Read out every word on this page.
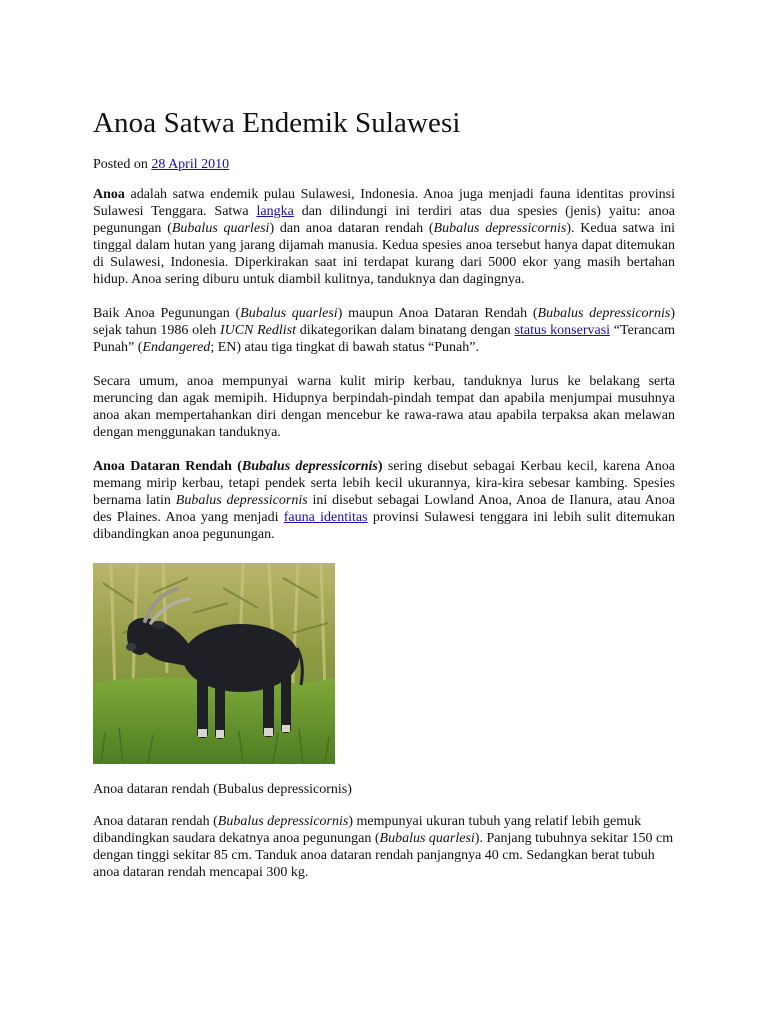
Anoa Satwa Endemik Sulawesi
Posted on 28 April 2010

Anoa adalah satwa endemik pulau Sulawesi, Indonesia. Anoa juga menjadi fauna identitas provinsi Sulawesi Tenggara. Satwa langka dan dilindungi ini terdiri atas dua spesies (jenis) yaitu: anoa pegunungan (Bubalus quarlesi) dan anoa dataran rendah (Bubalus depressicornis). Kedua satwa ini tinggal dalam hutan yang jarang dijamah manusia. Kedua spesies anoa tersebut hanya dapat ditemukan di Sulawesi, Indonesia. Diperkirakan saat ini terdapat kurang dari 5000 ekor yang masih bertahan hidup. Anoa sering diburu untuk diambil kulitnya, tanduknya dan dagingnya.

Baik Anoa Pegunungan (Bubalus quarlesi) maupun Anoa Dataran Rendah (Bubalus depressicornis) sejak tahun 1986 oleh IUCN Redlist dikategorikan dalam binatang dengan status konservasi “Terancam Punah” (Endangered; EN) atau tiga tingkat di bawah status “Punah”.

Secara umum, anoa mempunyai warna kulit mirip kerbau, tanduknya lurus ke belakang serta meruncing dan agak memipih. Hidupnya berpindah-pindah tempat dan apabila menjumpai musuhnya anoa akan mempertahankan diri dengan mencebur ke rawa-rawa atau apabila terpaksa akan melawan dengan menggunakan tanduknya.

Anoa Dataran Rendah (Bubalus depressicornis) sering disebut sebagai Kerbau kecil, karena Anoa memang mirip kerbau, tetapi pendek serta lebih kecil ukurannya, kira-kira sebesar kambing. Spesies bernama latin Bubalus depressicornis ini disebut sebagai Lowland Anoa, Anoa de Ilanura, atau Anoa des Plaines. Anoa yang menjadi fauna identitas provinsi Sulawesi tenggara ini lebih sulit ditemukan dibandingkan anoa pegunungan.

Anoa dataran rendah (Bubalus depressicornis)

Anoa dataran rendah (Bubalus depressicornis) mempunyai ukuran tubuh yang relatif lebih gemuk dibandingkan saudara dekatnya anoa pegunungan (Bubalus quarlesi). Panjang tubuhnya sekitar 150 cm dengan tinggi sekitar 85 cm. Tanduk anoa dataran rendah panjangnya 40 cm. Sedangkan berat tubuh anoa dataran rendah mencapai 300 kg.
